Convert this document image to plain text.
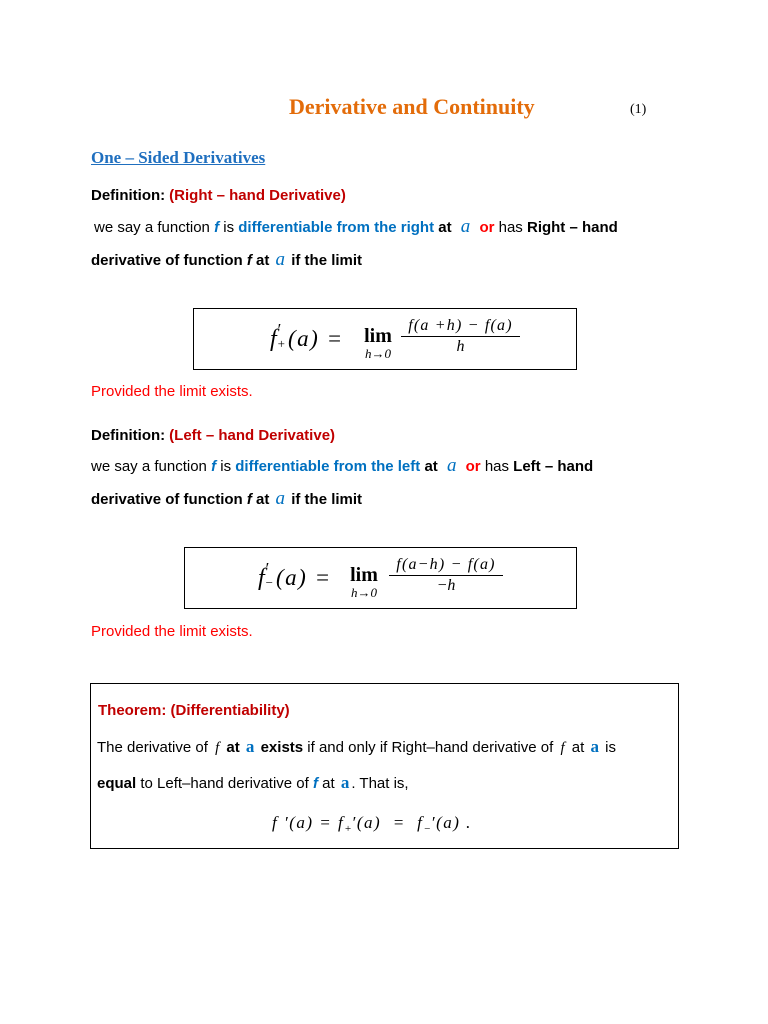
Derivative and Continuity	(1)
One – Sided Derivatives
Definition: (Right – hand Derivative)
we say a function f is differentiable from the right at a or has Right – hand
derivative of function f at a if the limit
f ′
+ (a) = lim
$h\to 0 \frac{f(a +h) - f(a)}{h}$
Provided the limit exists.
Definition: (Left – hand Derivative)
we say a function f is differentiable from the left at a or has Left – hand
derivative of function f at a if the limit
f ′
− (a) = lim
$h\to 0 \frac{f(a-h) - f(a)}{-h}$
Provided the limit exists.
Theorem: (Differentiability)
The derivative of f at a exists if and only if Right–hand derivative of f at a is
equal to Left–hand derivative of f at a . That is,
f $'(a) = f_+'(a) = f_-'(a)$ .
